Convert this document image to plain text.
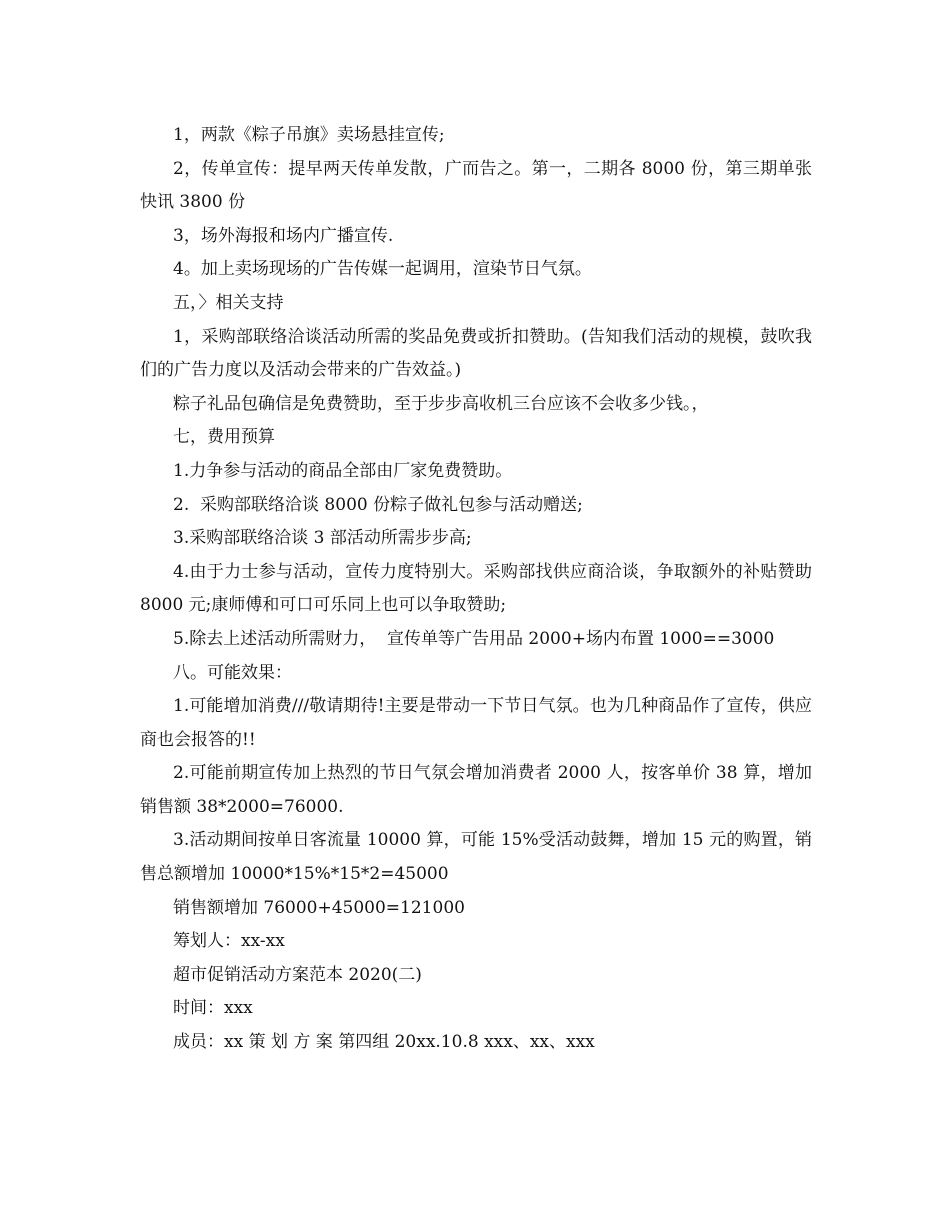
1，两款《粽子吊旗》卖场悬挂宣传;

2，传单宣传：提早两天传单发散，广而告之。第一，二期各 8000 份，第三期单张快讯 3800 份

3，场外海报和场内广播宣传.

4。加上卖场现场的广告传媒一起调用，渲染节日气氛。

五，〉相关支持

1，采购部联络洽谈活动所需的奖品免费或折扣赞助。(告知我们活动的规模，鼓吹我们的广告力度以及活动会带来的广告效益。)

粽子礼品包确信是免费赞助，至于步步高收机三台应该不会收多少钱。，

七，费用预算

1.力争参与活动的商品全部由厂家免费赞助。

2.  采购部联络洽谈 8000 份粽子做礼包参与活动赠送;

3.采购部联络洽谈 3 部活动所需步步高;

4.由于力士参与活动，宣传力度特别大。采购部找供应商洽谈，争取额外的补贴赞助 8000 元;康师傅和可口可乐同上也可以争取赞助;

5.除去上述活动所需财力，  宣传单等广告用品 2000+场内布置 1000==3000

八。可能效果：

1.可能增加消费///敬请期待!主要是带动一下节日气氛。也为几种商品作了宣传，供应商也会报答的!!

2.可能前期宣传加上热烈的节日气氛会增加消费者 2000 人，按客单价 38 算，增加销售额 38*2000=76000.

3.活动期间按单日客流量 10000 算，可能 15%受活动鼓舞，增加 15 元的购置，销售总额增加 10000*15%*15*2=45000

销售额增加 76000+45000=121000

筹划人：xx-xx

超市促销活动方案范本 2020(二)

时间：xxx

成员：xx 策 划 方 案 第四组 20xx.10.8 xxx、xx、xxx
